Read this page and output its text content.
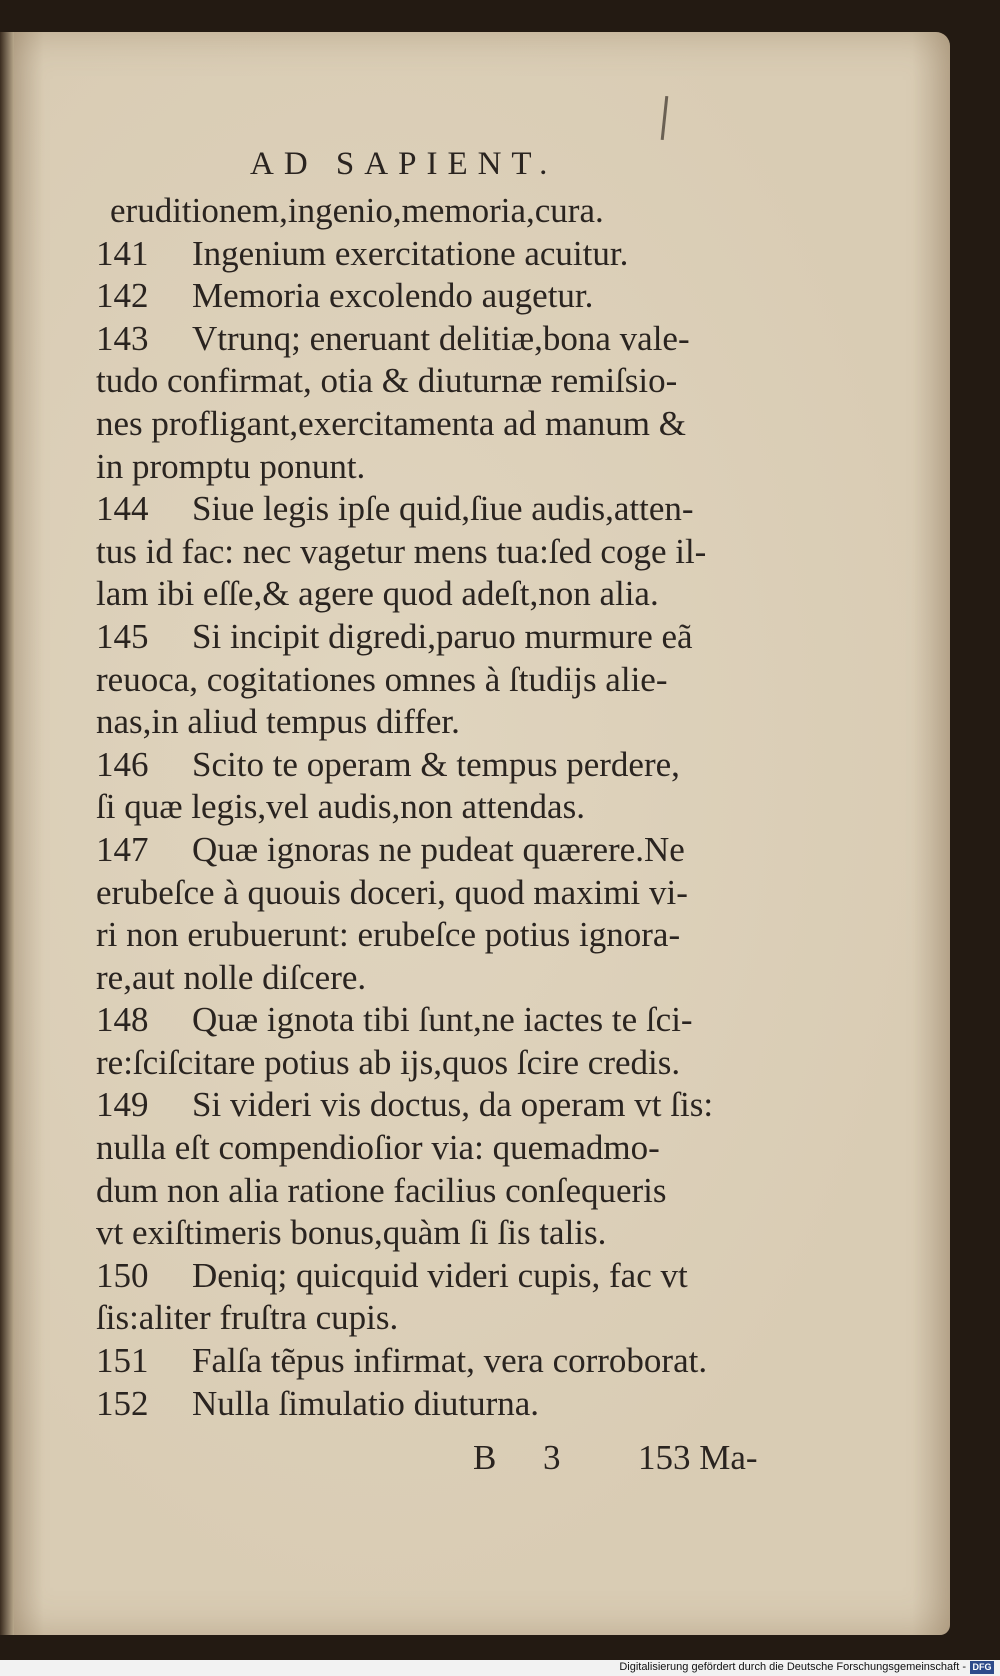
AD SAPIENT.
eruditionem,ingenio,memoria,cura.
141 Ingenium exercitatione acuitur.
142 Memoria excolendo augetur.
143 Vtrunq; eneruant delitiæ,bona vale-
tudo confirmat, otia & diuturnæ remiſsio-
nes profligant,exercitamenta ad manum &
in promptu ponunt.
144 Siue legis ipſe quid,ſiue audis,atten-
tus id fac: nec vagetur mens tua:ſed coge il-
lam ibi eſſe,& agere quod adeſt,non alia.
145 Si incipit digredi,paruo murmure eã
reuoca, cogitationes omnes à ſtudijs alie-
nas,in aliud tempus differ.
146 Scito te operam & tempus perdere,
ſi quæ legis,vel audis,non attendas.
147 Quæ ignoras ne pudeat quærere.Ne
erubeſce à quouis doceri, quod maximi vi-
ri non erubuerunt: erubeſce potius ignora-
re,aut nolle diſcere.
148 Quæ ignota tibi ſunt,ne iactes te ſci-
re:ſciſcitare potius ab ijs,quos ſcire credis.
149 Si videri vis doctus, da operam vt ſis:
nulla eſt compendioſior via: quemadmo-
dum non alia ratione facilius conſequeris
vt exiſtimeris bonus,quàm ſi ſis talis.
150 Deniq; quicquid videri cupis, fac vt
ſis:aliter fruſtra cupis.
151 Falſa tẽpus infirmat, vera corroborat.
152 Nulla ſimulatio diuturna.
B 3 153 Ma-
Digitalisierung gefördert durch die Deutsche Forschungsgemeinschaft - DFG
